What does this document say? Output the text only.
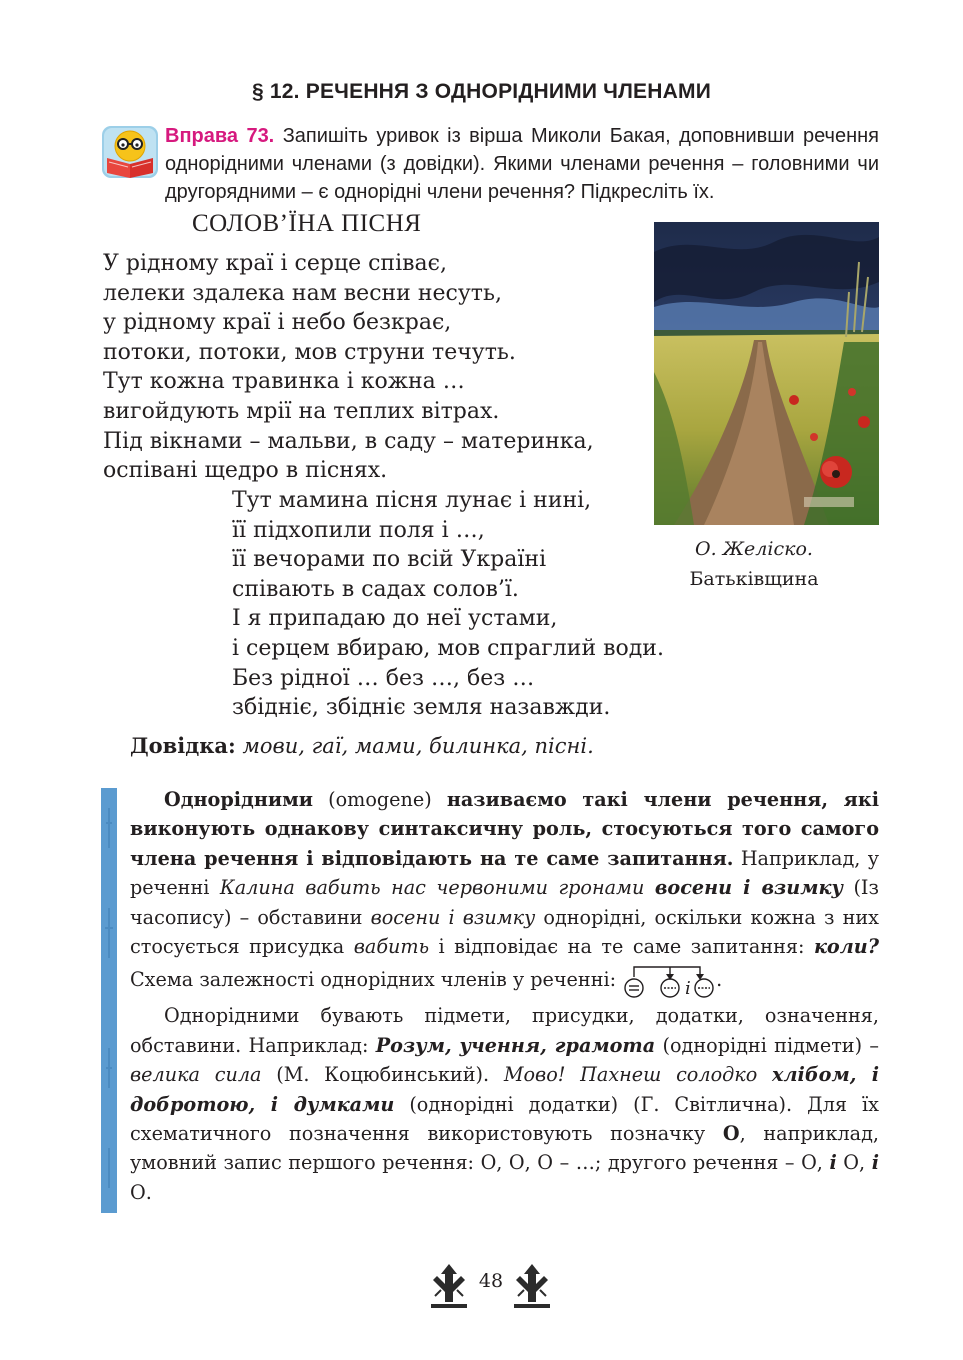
§ 12. РЕЧЕННЯ З ОДНОРІДНИМИ ЧЛЕНАМИ
Вправа 73. Запишіть уривок із вірша Миколи Бакая, доповнивши речення однорідними членами (з довідки). Якими членами речення – головними чи другорядними – є однорідні члени речення? Підкресліть їх.
СОЛОВ’ЇНА ПІСНЯ
У рідному краї і серце співає,
лелеки здалека нам весни несуть,
у рідному краї і небо безкрає,
потоки, потоки, мов струни течуть.
Тут кожна травинка і кожна …
вигойдують мрії на теплих вітрах.
Під вікнами – мальви, в саду – материнка,
оспівані щедро в піснях.
Тут мамина пісня лунає і нині,
її підхопили поля і …,
її вечорами по всій Україні
співають в садах солов’ї.
І я припадаю до неї устами,
і серцем вбираю, мов спраглий води.
Без рідної … без …, без …
збідніє, збідніє земля назавжди.
О. Желіско.
Батьківщина
Довідка: мови, гаї, мами, билинка, пісні.

Однорідними (omogene) називаємо такі члени речення, які виконують однакову синтаксичну роль, стосуються того самого члена речення і відповідають на те саме запитання. Наприклад, у реченні Калина вабить нас червоними гронами восени і взимку (Із часопису) – обставини восени і взимку однорідні, оскільки кожна з них стосується присудка вабить і відповідає на те саме запитання: коли? Схема залежності однорідних членів у реченні:	і .

Однорідними бувають підмети, присудки, додатки, означення, обставини. Наприклад: Розум, учення, грамота (однорідні підмети) – велика сила (М. Коцюбинський). Мово! Пахнеш солодко хлібом, і добротою, і думками (однорідні додатки) (Г. Світлична). Для їх схематичного позначення використовують позначку О, наприклад, умовний запис першого речення: О, О, О – …; другого речення – О, і О, і О.

48
